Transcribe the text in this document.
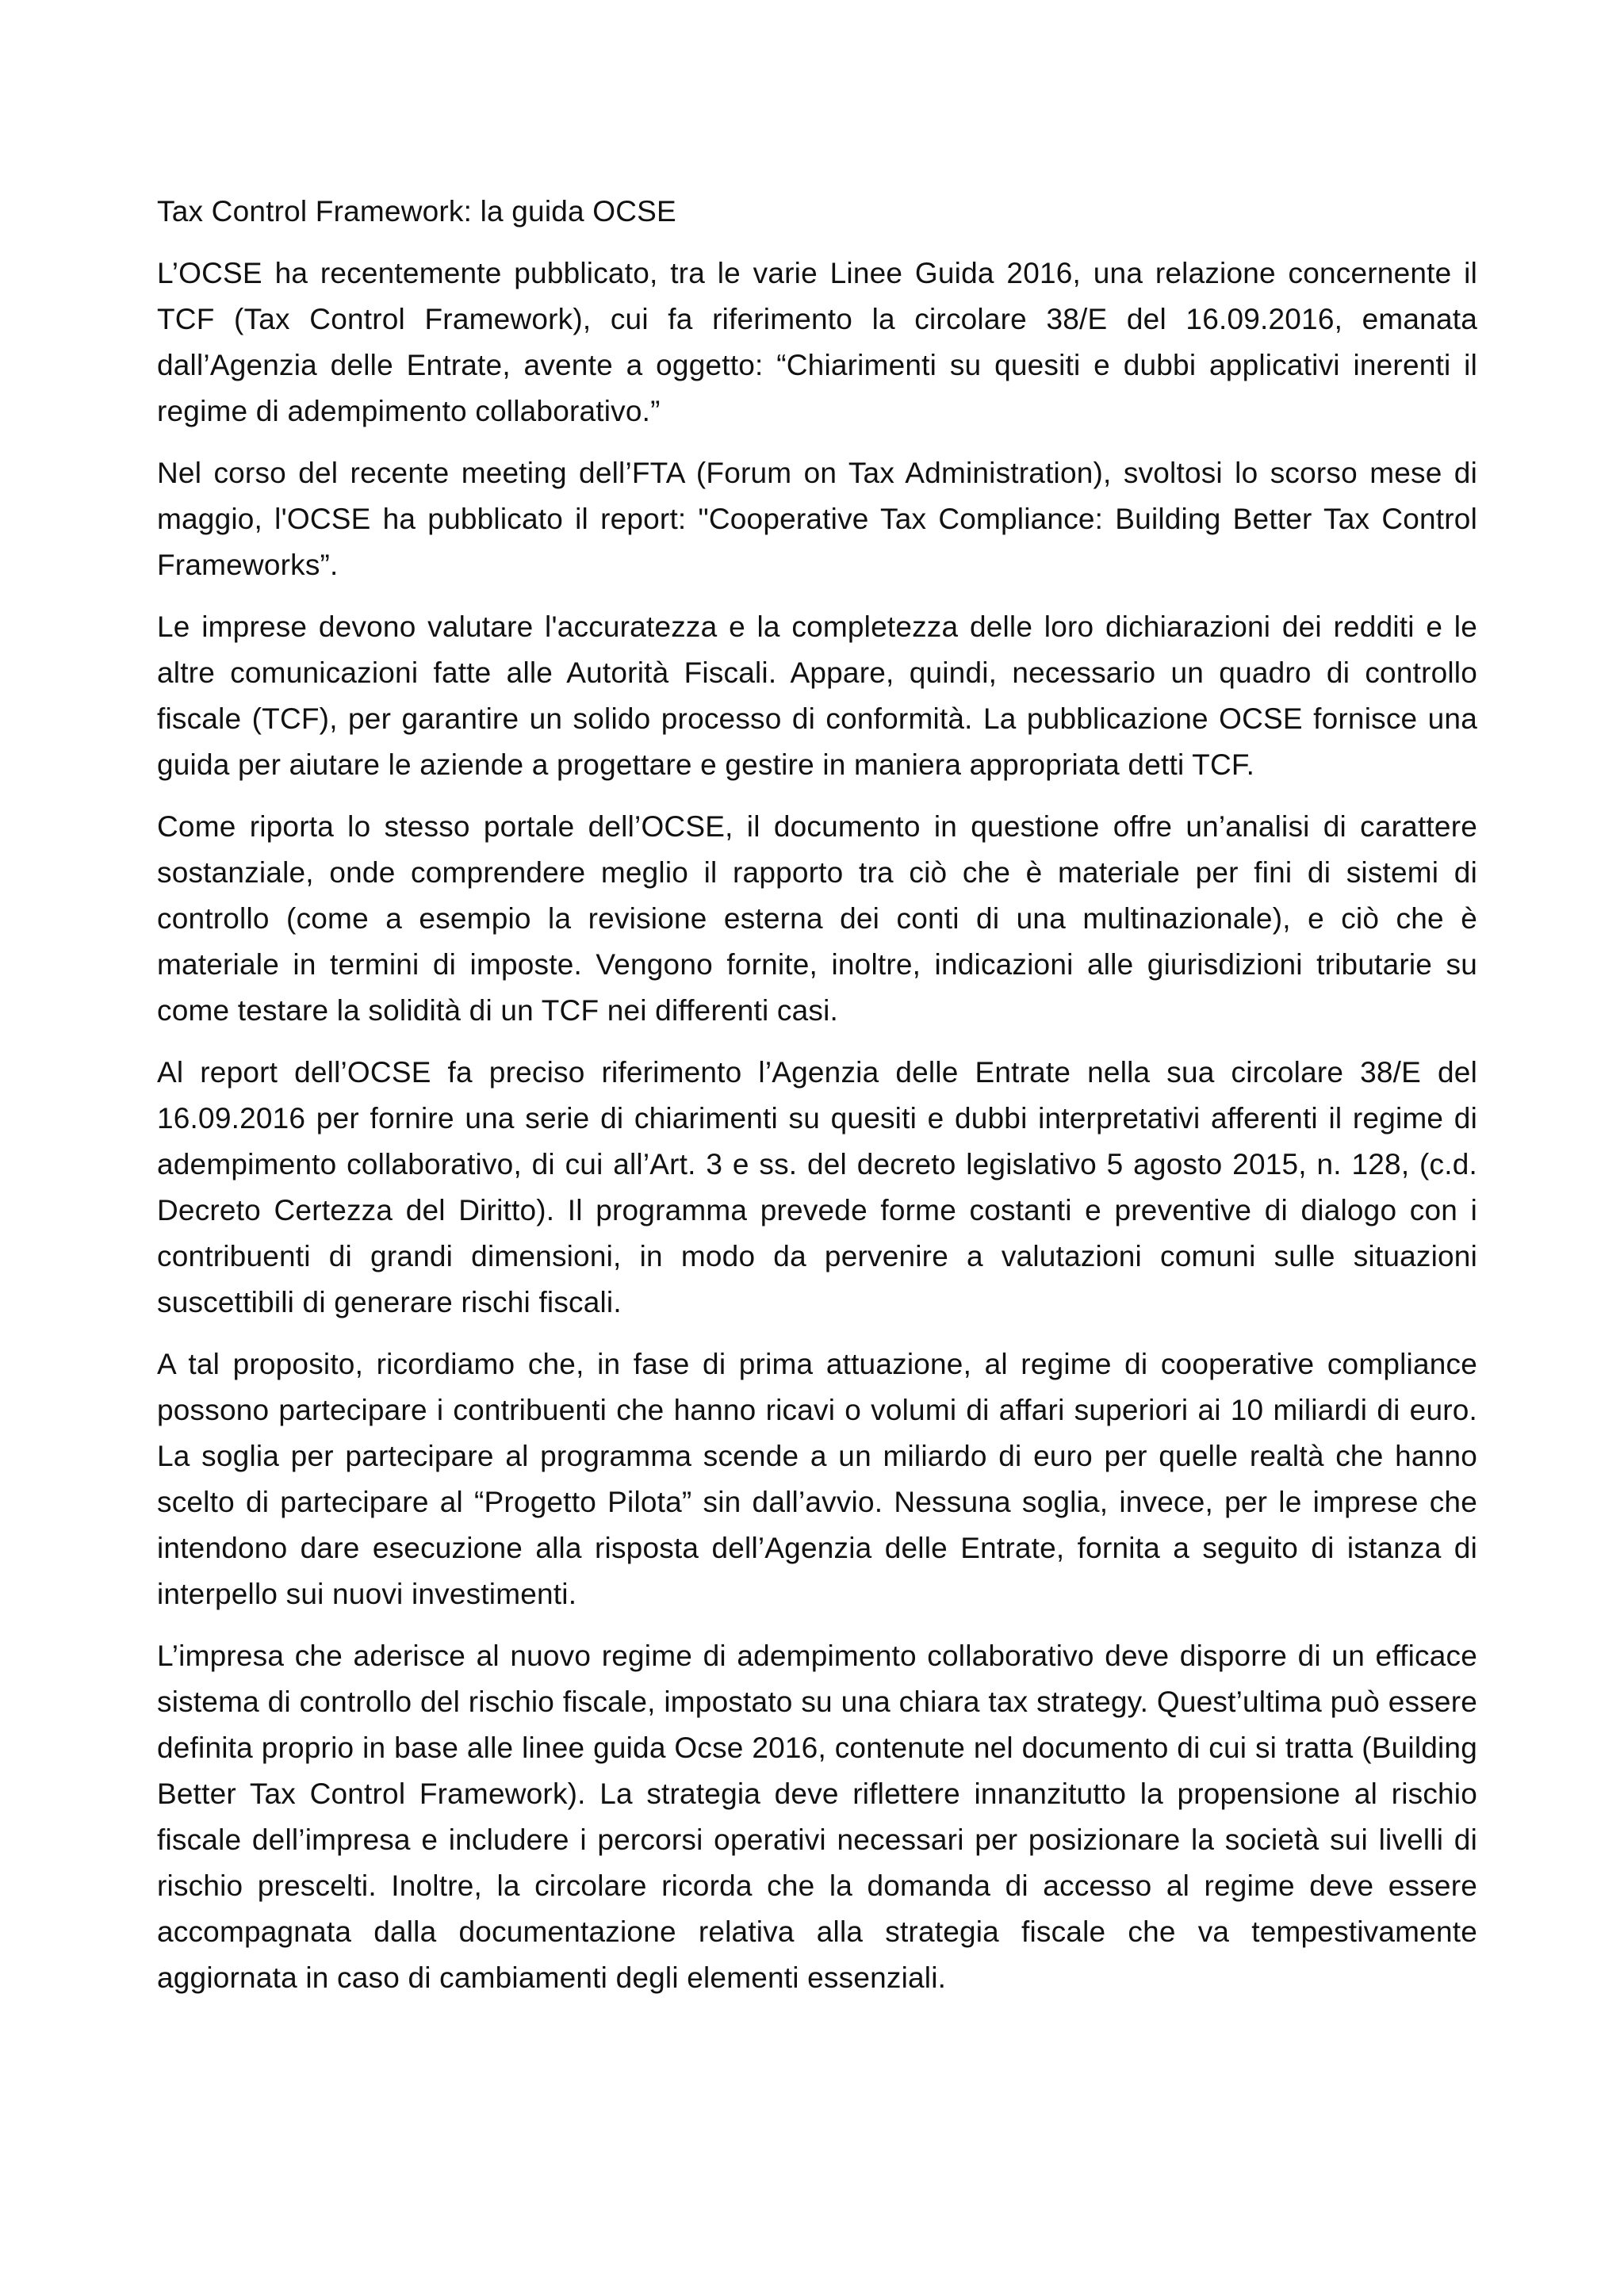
Tax Control Framework: la guida OCSE

L’OCSE ha recentemente pubblicato, tra le varie Linee Guida 2016, una relazione concernente il TCF (Tax Control Framework), cui fa riferimento la circolare 38/E del 16.09.2016, emanata dall’Agenzia delle Entrate, avente a oggetto: “Chiarimenti su quesiti e dubbi applicativi inerenti il regime di adempimento collaborativo.”

Nel corso del recente meeting dell’FTA (Forum on Tax Administration), svoltosi lo scorso mese di maggio, l'OCSE ha pubblicato il report: "Cooperative Tax Compliance: Building Better Tax Control Frameworks”.

Le imprese devono valutare l'accuratezza e la completezza delle loro dichiarazioni dei redditi e le altre comunicazioni fatte alle Autorità Fiscali. Appare, quindi, necessario un quadro di controllo fiscale (TCF), per garantire un solido processo di conformità. La pubblicazione OCSE fornisce una guida per aiutare le aziende a progettare e gestire in maniera appropriata detti TCF.

Come riporta lo stesso portale dell’OCSE, il documento in questione offre un’analisi di carattere sostanziale, onde comprendere meglio il rapporto tra ciò che è materiale per fini di sistemi di controllo (come a esempio la revisione esterna dei conti di una multinazionale), e ciò che è materiale in termini di imposte. Vengono fornite, inoltre, indicazioni alle giurisdizioni tributarie su come testare la solidità di un TCF nei differenti casi.

Al report dell’OCSE fa preciso riferimento l’Agenzia delle Entrate nella sua circolare 38/E del 16.09.2016 per fornire una serie di chiarimenti su quesiti e dubbi interpretativi afferenti il regime di adempimento collaborativo, di cui all’Art. 3 e ss. del decreto legislativo 5 agosto 2015, n. 128, (c.d. Decreto Certezza del Diritto). Il programma prevede forme costanti e preventive di dialogo con i contribuenti di grandi dimensioni, in modo da pervenire a valutazioni comuni sulle situazioni suscettibili di generare rischi fiscali.

A tal proposito, ricordiamo che, in fase di prima attuazione, al regime di cooperative compliance possono partecipare i contribuenti che hanno ricavi o volumi di affari superiori ai 10 miliardi di euro. La soglia per partecipare al programma scende a un miliardo di euro per quelle realtà che hanno scelto di partecipare al “Progetto Pilota” sin dall’avvio. Nessuna soglia, invece, per le imprese che intendono dare esecuzione alla risposta dell’Agenzia delle Entrate, fornita a seguito di istanza di interpello sui nuovi investimenti.

L’impresa che aderisce al nuovo regime di adempimento collaborativo deve disporre di un efficace sistema di controllo del rischio fiscale, impostato su una chiara tax strategy. Quest’ultima può essere definita proprio in base alle linee guida Ocse 2016, contenute nel documento di cui si tratta (Building Better Tax Control Framework). La strategia deve riflettere innanzitutto la propensione al rischio fiscale dell’impresa e includere i percorsi operativi necessari per posizionare la società sui livelli di rischio prescelti. Inoltre, la circolare ricorda che la domanda di accesso al regime deve essere accompagnata dalla documentazione relativa alla strategia fiscale che va tempestivamente aggiornata in caso di cambiamenti degli elementi essenziali.
